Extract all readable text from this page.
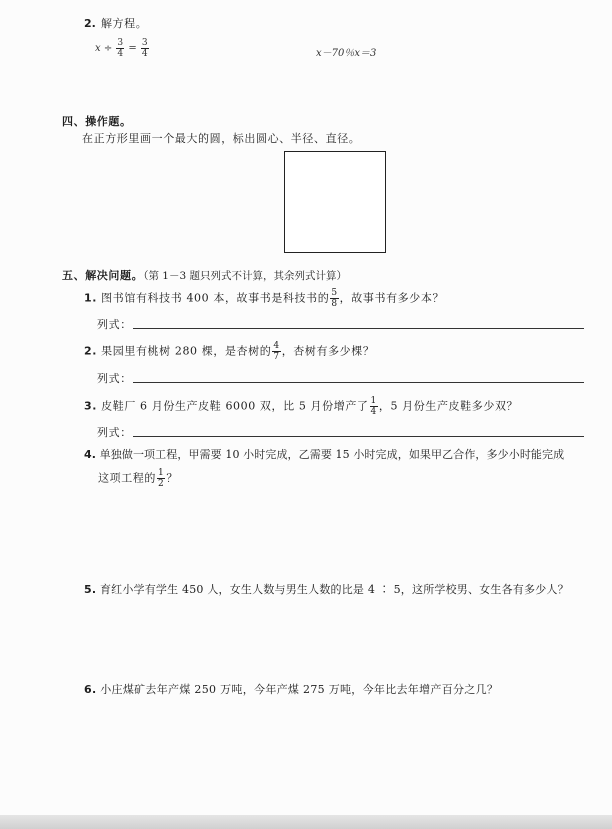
2. 解方程。
$x \div \frac{3}{4} = \frac{3}{4}$	x－70％x＝3
四、操作题。
在正方形里画一个最大的圆，标出圆心、半径、直径。
五、解决问题。（第 1－3 题只列式不计算，其余列式计算）
1. 图书馆有科技书 400 本，故事书是科技书的 $\frac{5}{8}$ ，故事书有多少本？
列式：
2. 果园里有桃树 280 棵，是杏树的 $\frac{4}{7}$ ，杏树有多少棵？
列式：
3. 皮鞋厂 6 月份生产皮鞋 6000 双，比 5 月份增产了 $\frac{1}{4}$ ，5 月份生产皮鞋多少双？
列式：
4. 单独做一项工程，甲需要 10 小时完成，乙需要 15 小时完成，如果甲乙合作，多少小时能完成
这项工程的 $\frac{1}{2}$ ？
5. 育红小学有学生 450 人，女生人数与男生人数的比是 4 ∶ 5，这所学校男、女生各有多少人？
6. 小庄煤矿去年产煤 250 万吨，今年产煤 275 万吨，今年比去年增产百分之几？
